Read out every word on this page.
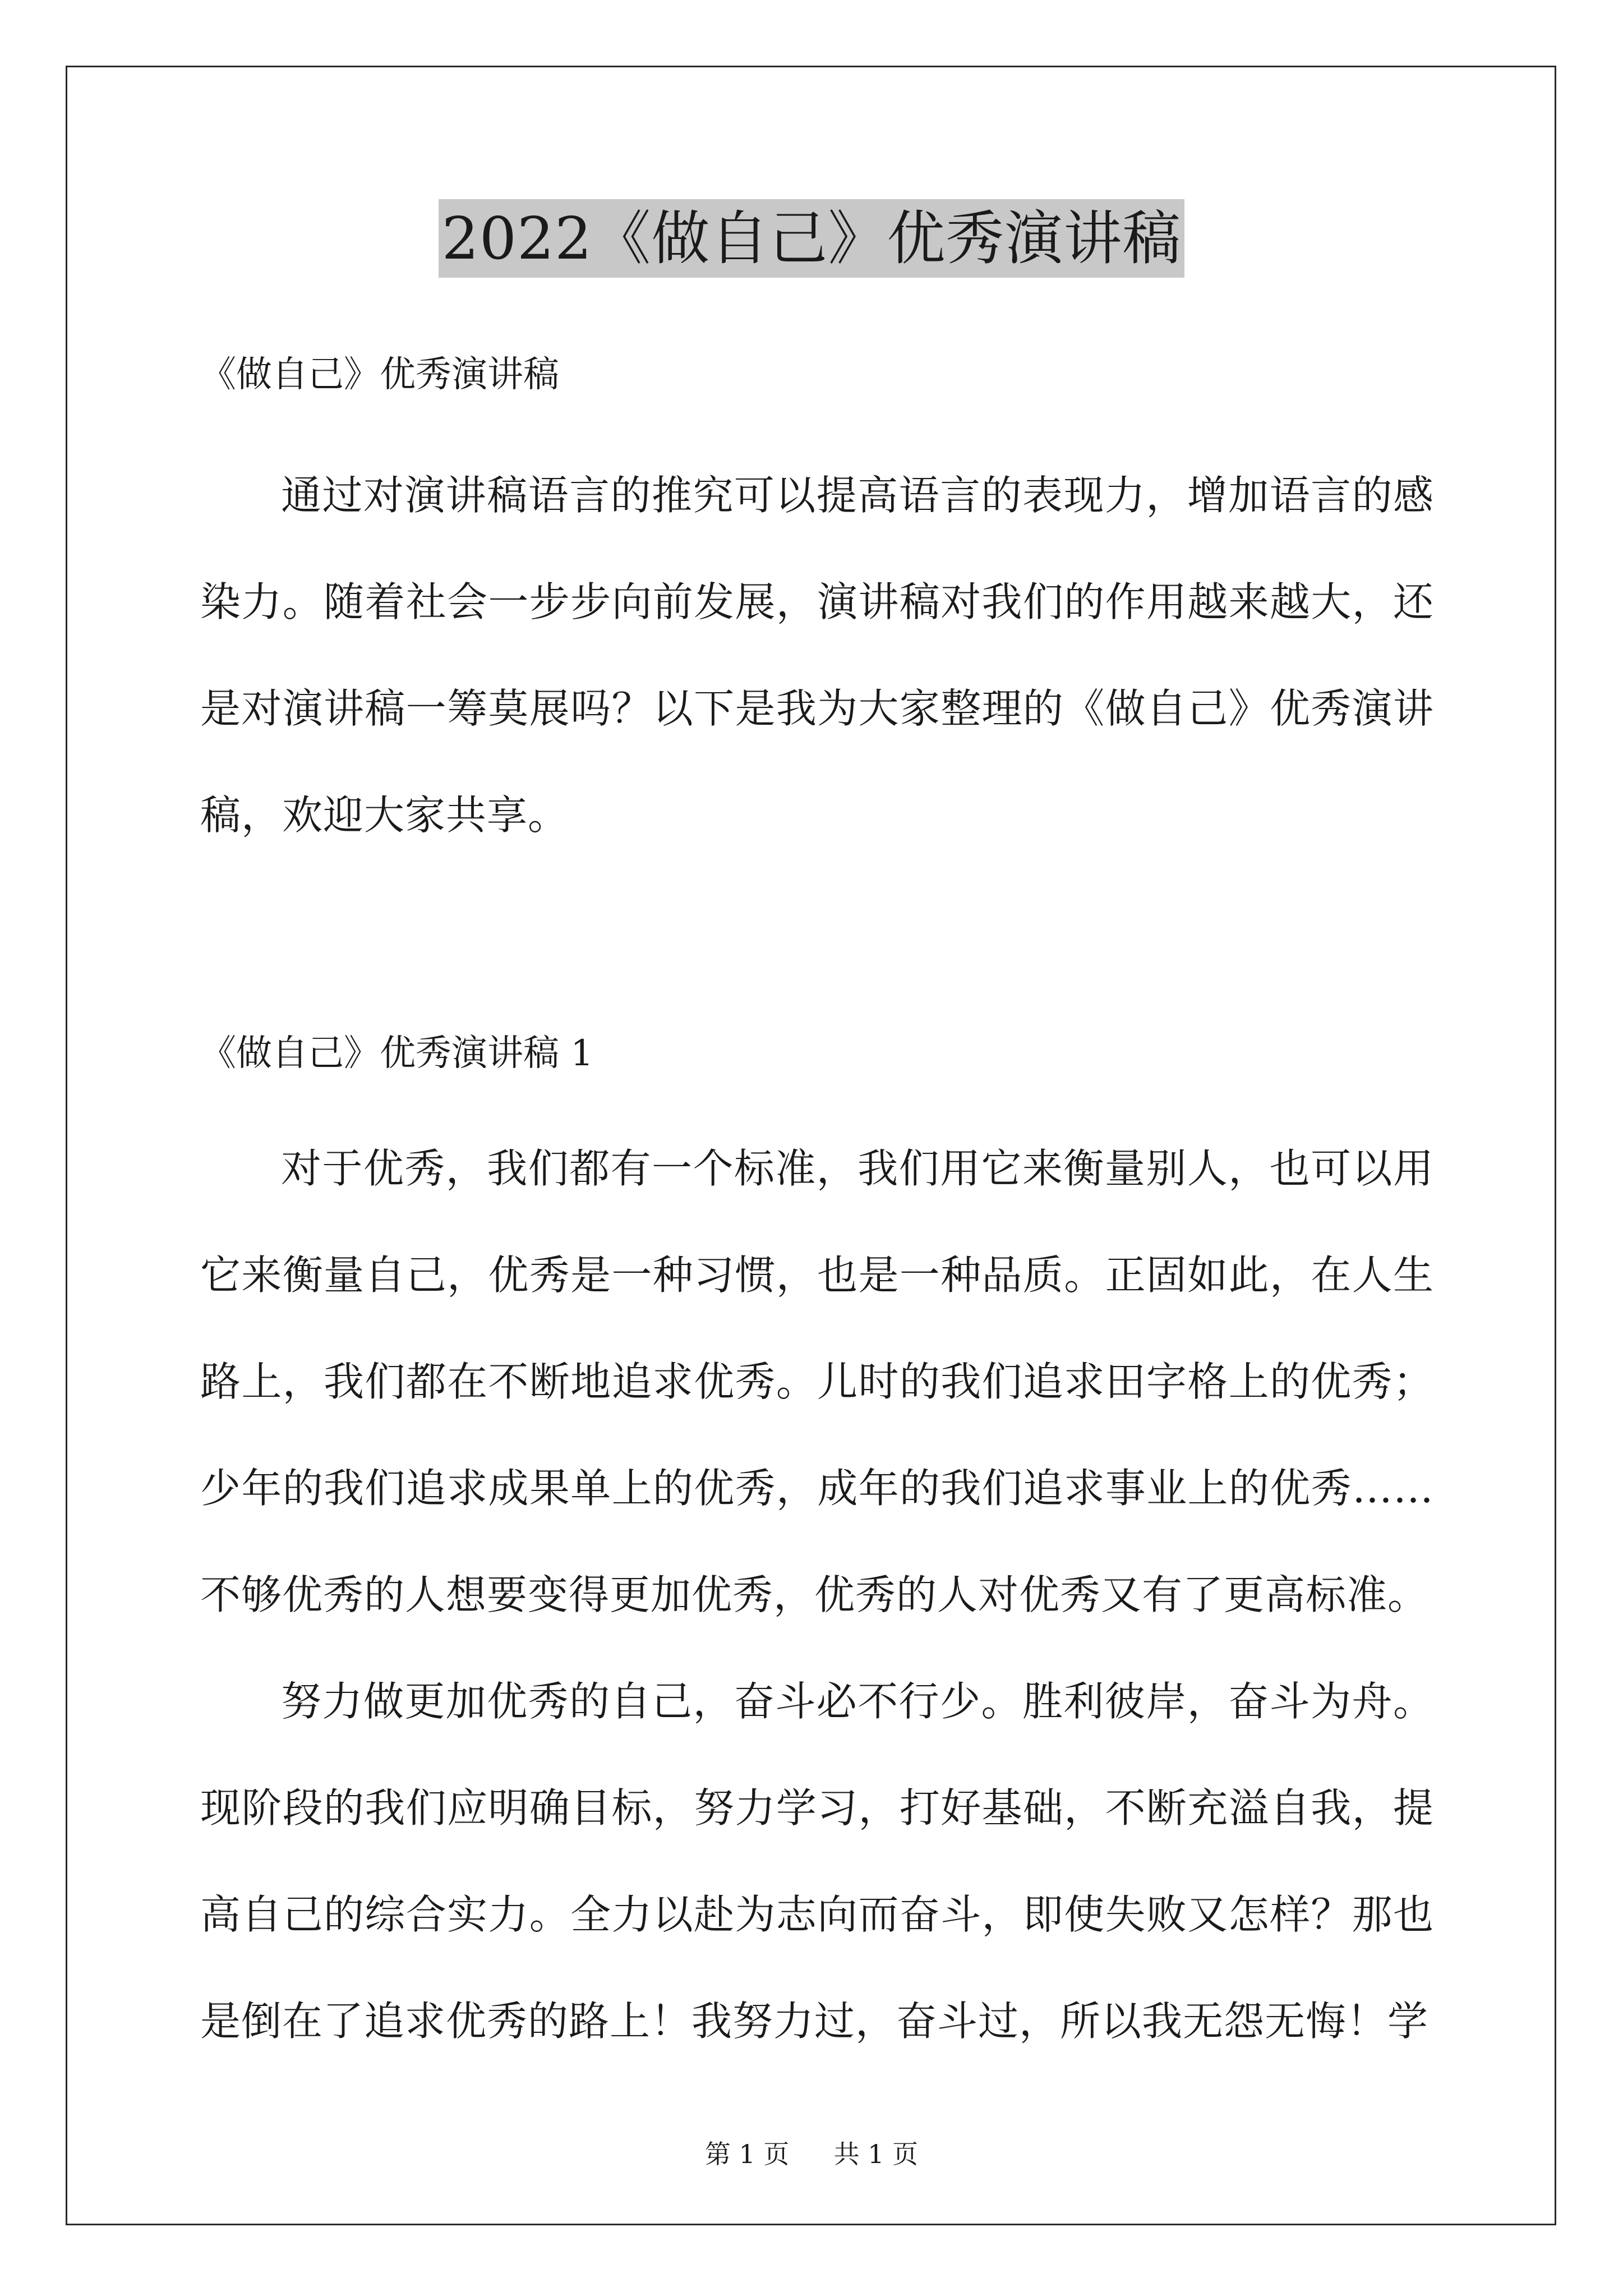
2022《做自己》优秀演讲稿

《做自己》优秀演讲稿

通过对演讲稿语言的推究可以提高语言的表现力，增加语言的感染力。随着社会一步步向前发展，演讲稿对我们的作用越来越大，还是对演讲稿一筹莫展吗？以下是我为大家整理的《做自己》优秀演讲稿，欢迎大家共享。

《做自己》优秀演讲稿 1

对于优秀，我们都有一个标准，我们用它来衡量别人，也可以用它来衡量自己，优秀是一种习惯，也是一种品质。正固如此，在人生路上，我们都在不断地追求优秀。儿时的我们追求田字格上的优秀；少年的我们追求成果单上的优秀，成年的我们追求事业上的优秀……不够优秀的人想要变得更加优秀，优秀的人对优秀又有了更高标准。

努力做更加优秀的自己，奋斗必不行少。胜利彼岸，奋斗为舟。现阶段的我们应明确目标，努力学习，打好基础，不断充溢自我，提高自己的综合实力。全力以赴为志向而奋斗，即使失败又怎样？那也是倒在了追求优秀的路上！我努力过，奋斗过，所以我无怨无悔！学

第 1 页 共 1 页
